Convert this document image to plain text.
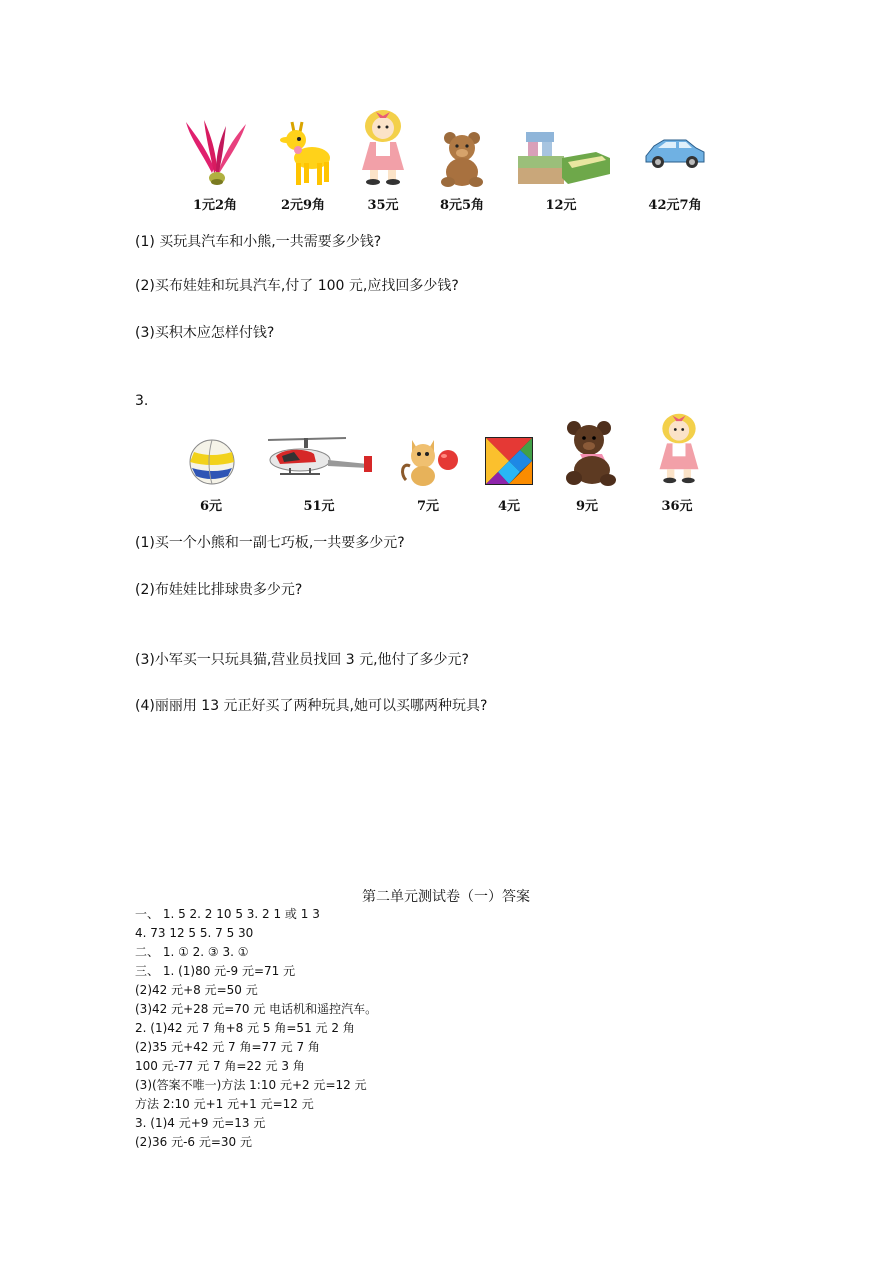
1元2角	2元9角	35元	8元5角	12元	42元7角
(1) 买玩具汽车和小熊,一共需要多少钱?
(2)买布娃娃和玩具汽车,付了 100 元,应找回多少钱?
(3)买积木应怎样付钱?
3.
6元	51元	7元	4元	9元	36元
(1)买一个小熊和一副七巧板,一共要多少元?
(2)布娃娃比排球贵多少元?
(3)小军买一只玩具猫,营业员找回 3 元,他付了多少元?
(4)丽丽用 13 元正好买了两种玩具,她可以买哪两种玩具?
第二单元测试卷（一）答案
一、 1. 5 2. 2 10 5 3. 2 1 或 1 3
4. 73 12 5 5. 7 5 30
二、 1. ① 2. ③ 3. ①
三、 1. (1)80 元-9 元=71 元
(2)42 元+8 元=50 元
(3)42 元+28 元=70 元 电话机和遥控汽车。
2. (1)42 元 7 角+8 元 5 角=51 元 2 角
(2)35 元+42 元 7 角=77 元 7 角
100 元-77 元 7 角=22 元 3 角
(3)(答案不唯一)方法 1:10 元+2 元=12 元
方法 2:10 元+1 元+1 元=12 元
3. (1)4 元+9 元=13 元
(2)36 元-6 元=30 元
